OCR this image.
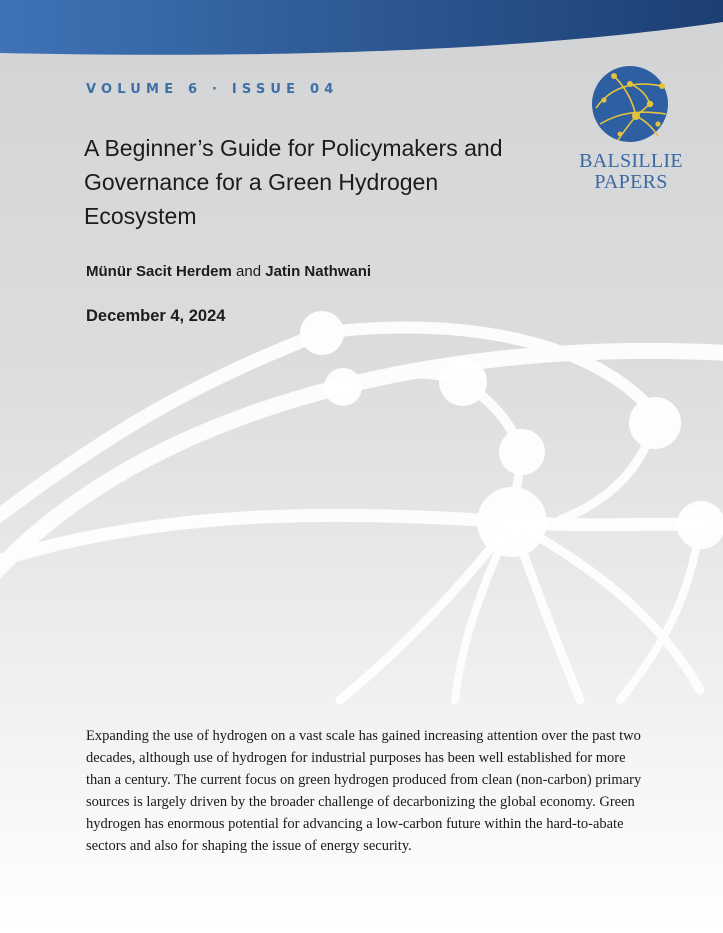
VOLUME 6 · ISSUE 04
A Beginner’s Guide for Policymakers and Governance for a Green Hydrogen Ecosystem
Münür Sacit Herdem and Jatin Nathwani
December 4, 2024
BALSILLIE
PAPERS

Expanding the use of hydrogen on a vast scale has gained increasing attention over the past two decades, although use of hydrogen for industrial purposes has been well established for more than a century. The current focus on green hydrogen produced from clean (non-carbon) primary sources is largely driven by the broader challenge of decarbonizing the global economy. Green hydrogen has enormous potential for advancing a low-carbon future within the hard-to-abate sectors and also for shaping the issue of energy security.
